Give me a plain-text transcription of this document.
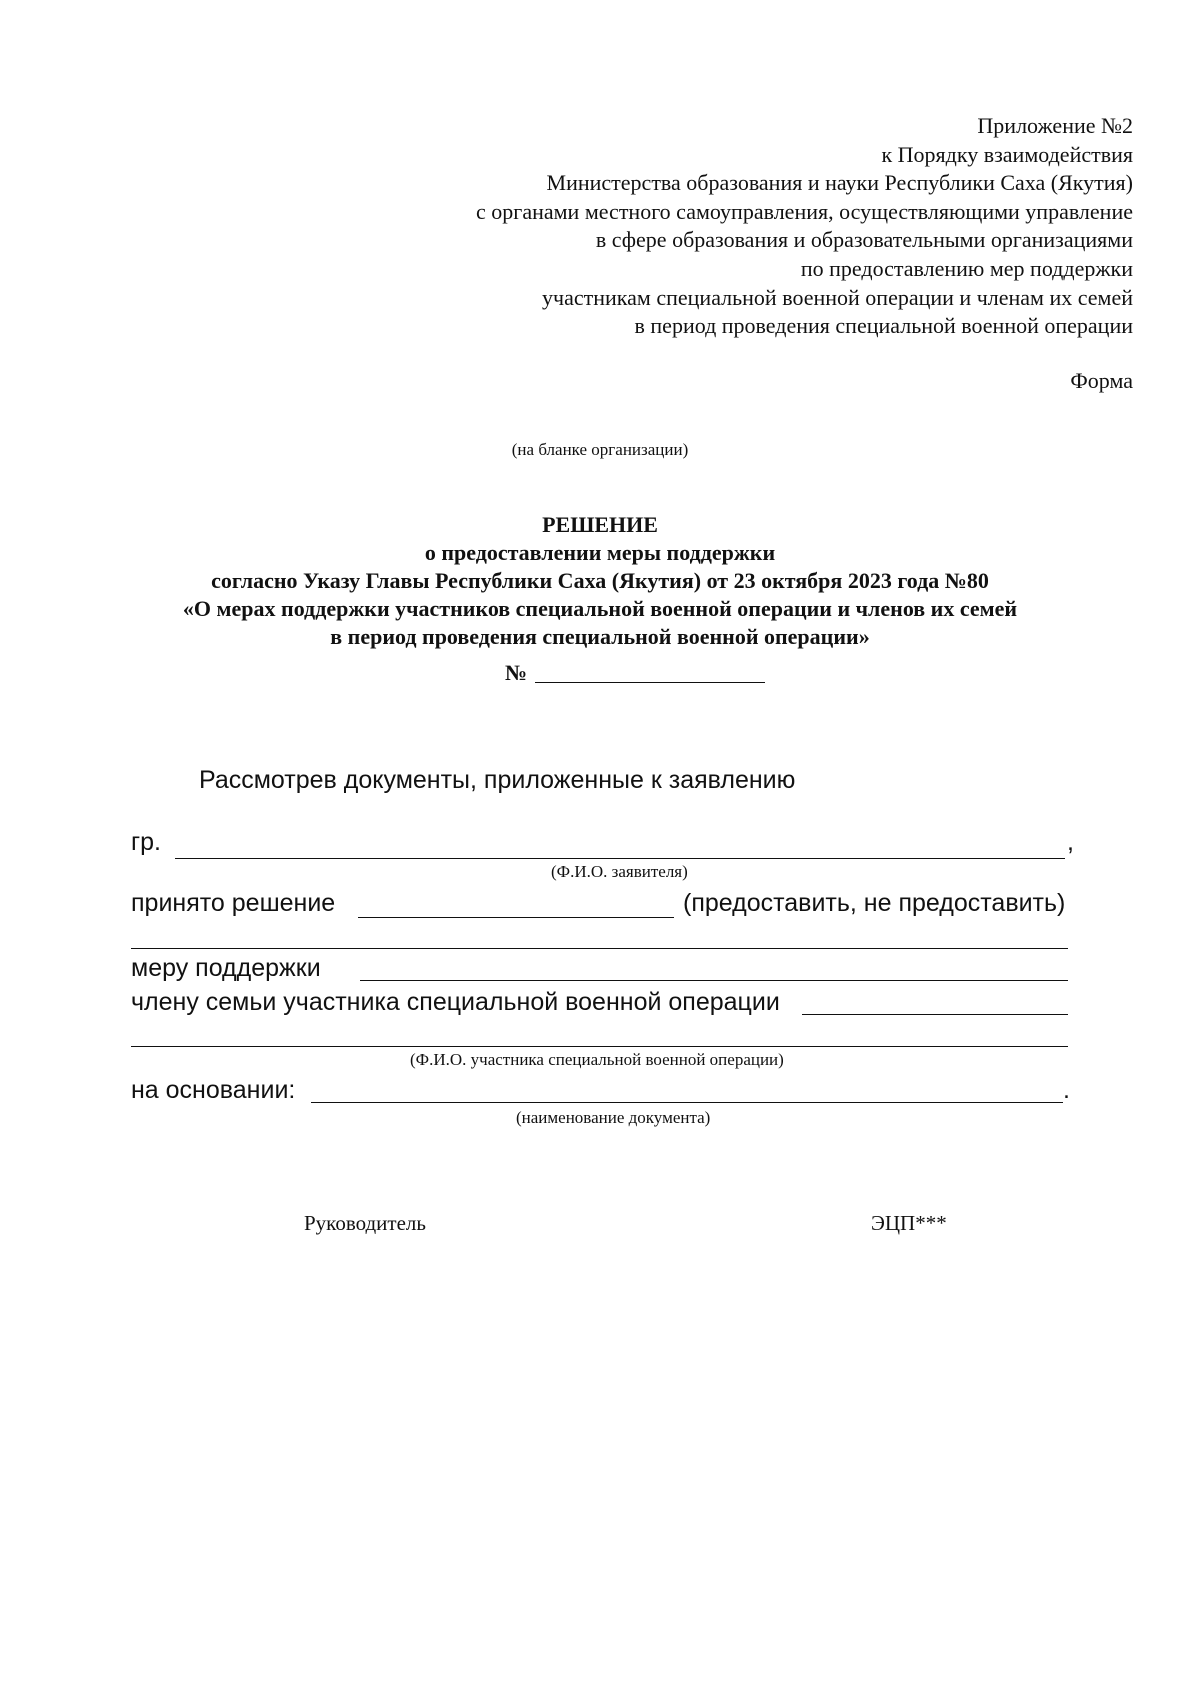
Приложение №2
к Порядку взаимодействия
Министерства образования и науки Республики Саха (Якутия)
с органами местного самоуправления, осуществляющими управление
в сфере образования и образовательными организациями
по предоставлению мер поддержки
участникам специальной военной операции и членам их семей
в период проведения специальной военной операции
Форма
(на бланке организации)
РЕШЕНИЕ
о предоставлении меры поддержки
согласно Указу Главы Республики Саха (Якутия) от 23 октября 2023 года №80
«О мерах поддержки участников специальной военной операции и членов их семей
в период проведения специальной военной операции»
№
Рассмотрев документы, приложенные к заявлению
гр.	,
(Ф.И.О. заявителя)
принято решение	(предоставить, не предоставить)
меру поддержки
члену семьи участника специальной военной операции
(Ф.И.О. участника специальной военной операции)
на основании:	.
(наименование документа)
Руководитель	ЭЦП***
